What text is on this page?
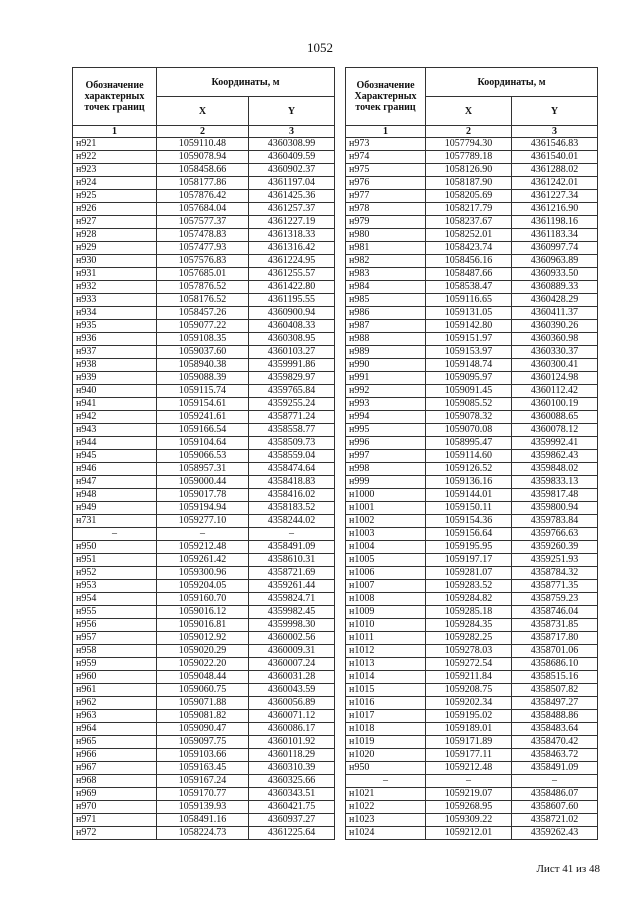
1052
Обозначение характерных точек границ	Координаты, м	
	X	Y
1	2	3
н921	1059110.48	4360308.99
н922	1059078.94	4360409.59
н923	1058458.66	4360902.37
н924	1058177.86	4361197.04
н925	1057876.42	4361425.36
н926	1057684.04	4361257.37
н927	1057577.37	4361227.19
н928	1057478.83	4361318.33
н929	1057477.93	4361316.42
н930	1057576.83	4361224.95
н931	1057685.01	4361255.57
н932	1057876.52	4361422.80
н933	1058176.52	4361195.55
н934	1058457.26	4360900.94
н935	1059077.22	4360408.33
н936	1059108.35	4360308.95
н937	1059037.60	4360103.27
н938	1058940.38	4359991.86
н939	1059088.39	4359829.97
н940	1059115.74	4359765.84
н941	1059154.61	4359255.24
н942	1059241.61	4358771.24
н943	1059166.54	4358558.77
н944	1059104.64	4358509.73
н945	1059066.53	4358559.04
н946	1058957.31	4358474.64
н947	1059000.44	4358418.83
н948	1059017.78	4358416.02
н949	1059194.94	4358183.52
н731	1059277.10	4358244.02
–	–	–
н950	1059212.48	4358491.09
н951	1059261.42	4358610.31
н952	1059300.96	4358721.69
н953	1059204.05	4359261.44
н954	1059160.70	4359824.71
н955	1059016.12	4359982.45
н956	1059016.81	4359998.30
н957	1059012.92	4360002.56
н958	1059020.29	4360009.31
н959	1059022.20	4360007.24
н960	1059048.44	4360031.28
н961	1059060.75	4360043.59
н962	1059071.88	4360056.89
н963	1059081.82	4360071.12
н964	1059090.47	4360086.17
н965	1059097.75	4360101.92
н966	1059103.66	4360118.29
н967	1059163.45	4360310.39
н968	1059167.24	4360325.66
н969	1059170.77	4360343.51
н970	1059139.93	4360421.75
н971	1058491.16	4360937.27
н972	1058224.73	4361225.64
Обозначение Характерных точек границ	Координаты, м	
	X	Y
1	2	3
н973	1057794.30	4361546.83
н974	1057789.18	4361540.01
н975	1058126.90	4361288.02
н976	1058187.90	4361242.01
н977	1058205.69	4361227.34
н978	1058217.79	4361216.90
н979	1058237.67	4361198.16
н980	1058252.01	4361183.34
н981	1058423.74	4360997.74
н982	1058456.16	4360963.89
н983	1058487.66	4360933.50
н984	1058538.47	4360889.33
н985	1059116.65	4360428.29
н986	1059131.05	4360411.37
н987	1059142.80	4360390.26
н988	1059151.97	4360360.98
н989	1059153.97	4360330.37
н990	1059148.74	4360300.41
н991	1059095.97	4360124.98
н992	1059091.45	4360112.42
н993	1059085.52	4360100.19
н994	1059078.32	4360088.65
н995	1059070.08	4360078.12
н996	1058995.47	4359992.41
н997	1059114.60	4359862.43
н998	1059126.52	4359848.02
н999	1059136.16	4359833.13
н1000	1059144.01	4359817.48
н1001	1059150.11	4359800.94
н1002	1059154.36	4359783.84
н1003	1059156.64	4359766.63
н1004	1059195.95	4359260.39
н1005	1059197.17	4359251.93
н1006	1059281.07	4358784.32
н1007	1059283.52	4358771.35
н1008	1059284.82	4358759.23
н1009	1059285.18	4358746.04
н1010	1059284.35	4358731.85
н1011	1059282.25	4358717.80
н1012	1059278.03	4358701.06
н1013	1059272.54	4358686.10
н1014	1059211.84	4358515.16
н1015	1059208.75	4358507.82
н1016	1059202.34	4358497.27
н1017	1059195.02	4358488.86
н1018	1059189.01	4358483.64
н1019	1059171.89	4358470.42
н1020	1059177.11	4358463.72
н950	1059212.48	4358491.09
–	–	–
н1021	1059219.07	4358486.07
н1022	1059268.95	4358607.60
н1023	1059309.22	4358721.02
н1024	1059212.01	4359262.43
Лист 41 из 48
